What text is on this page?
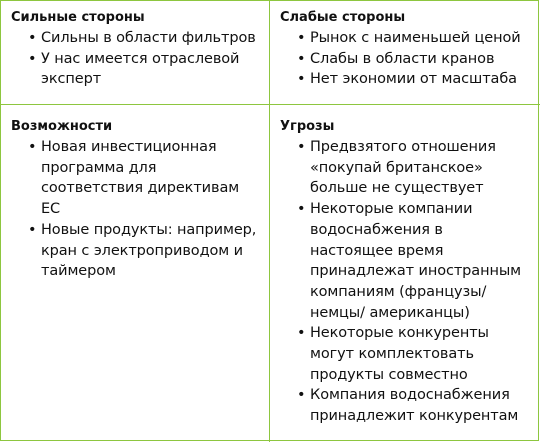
Сильные стороны
• Сильны в области фильтров
• У нас имеется отраслевой эксперт
Слабые стороны
• Рынок с наименьшей ценой
• Слабы в области кранов
• Нет экономии от масштаба
Возможности
• Новая инвестиционная программа для соответствия директивам ЕС
• Новые продукты: например, кран с электроприводом и таймером
Угрозы
• Предвзятого отношения «покупай британское» больше не существует
• Некоторые компании водоснабжения в настоящее время принадлежат иностранным компаниям (французы/немцы/ американцы)
• Некоторые конкуренты могут комплектовать продукты совместно
• Компания водоснабжения принадлежит конкурентам
